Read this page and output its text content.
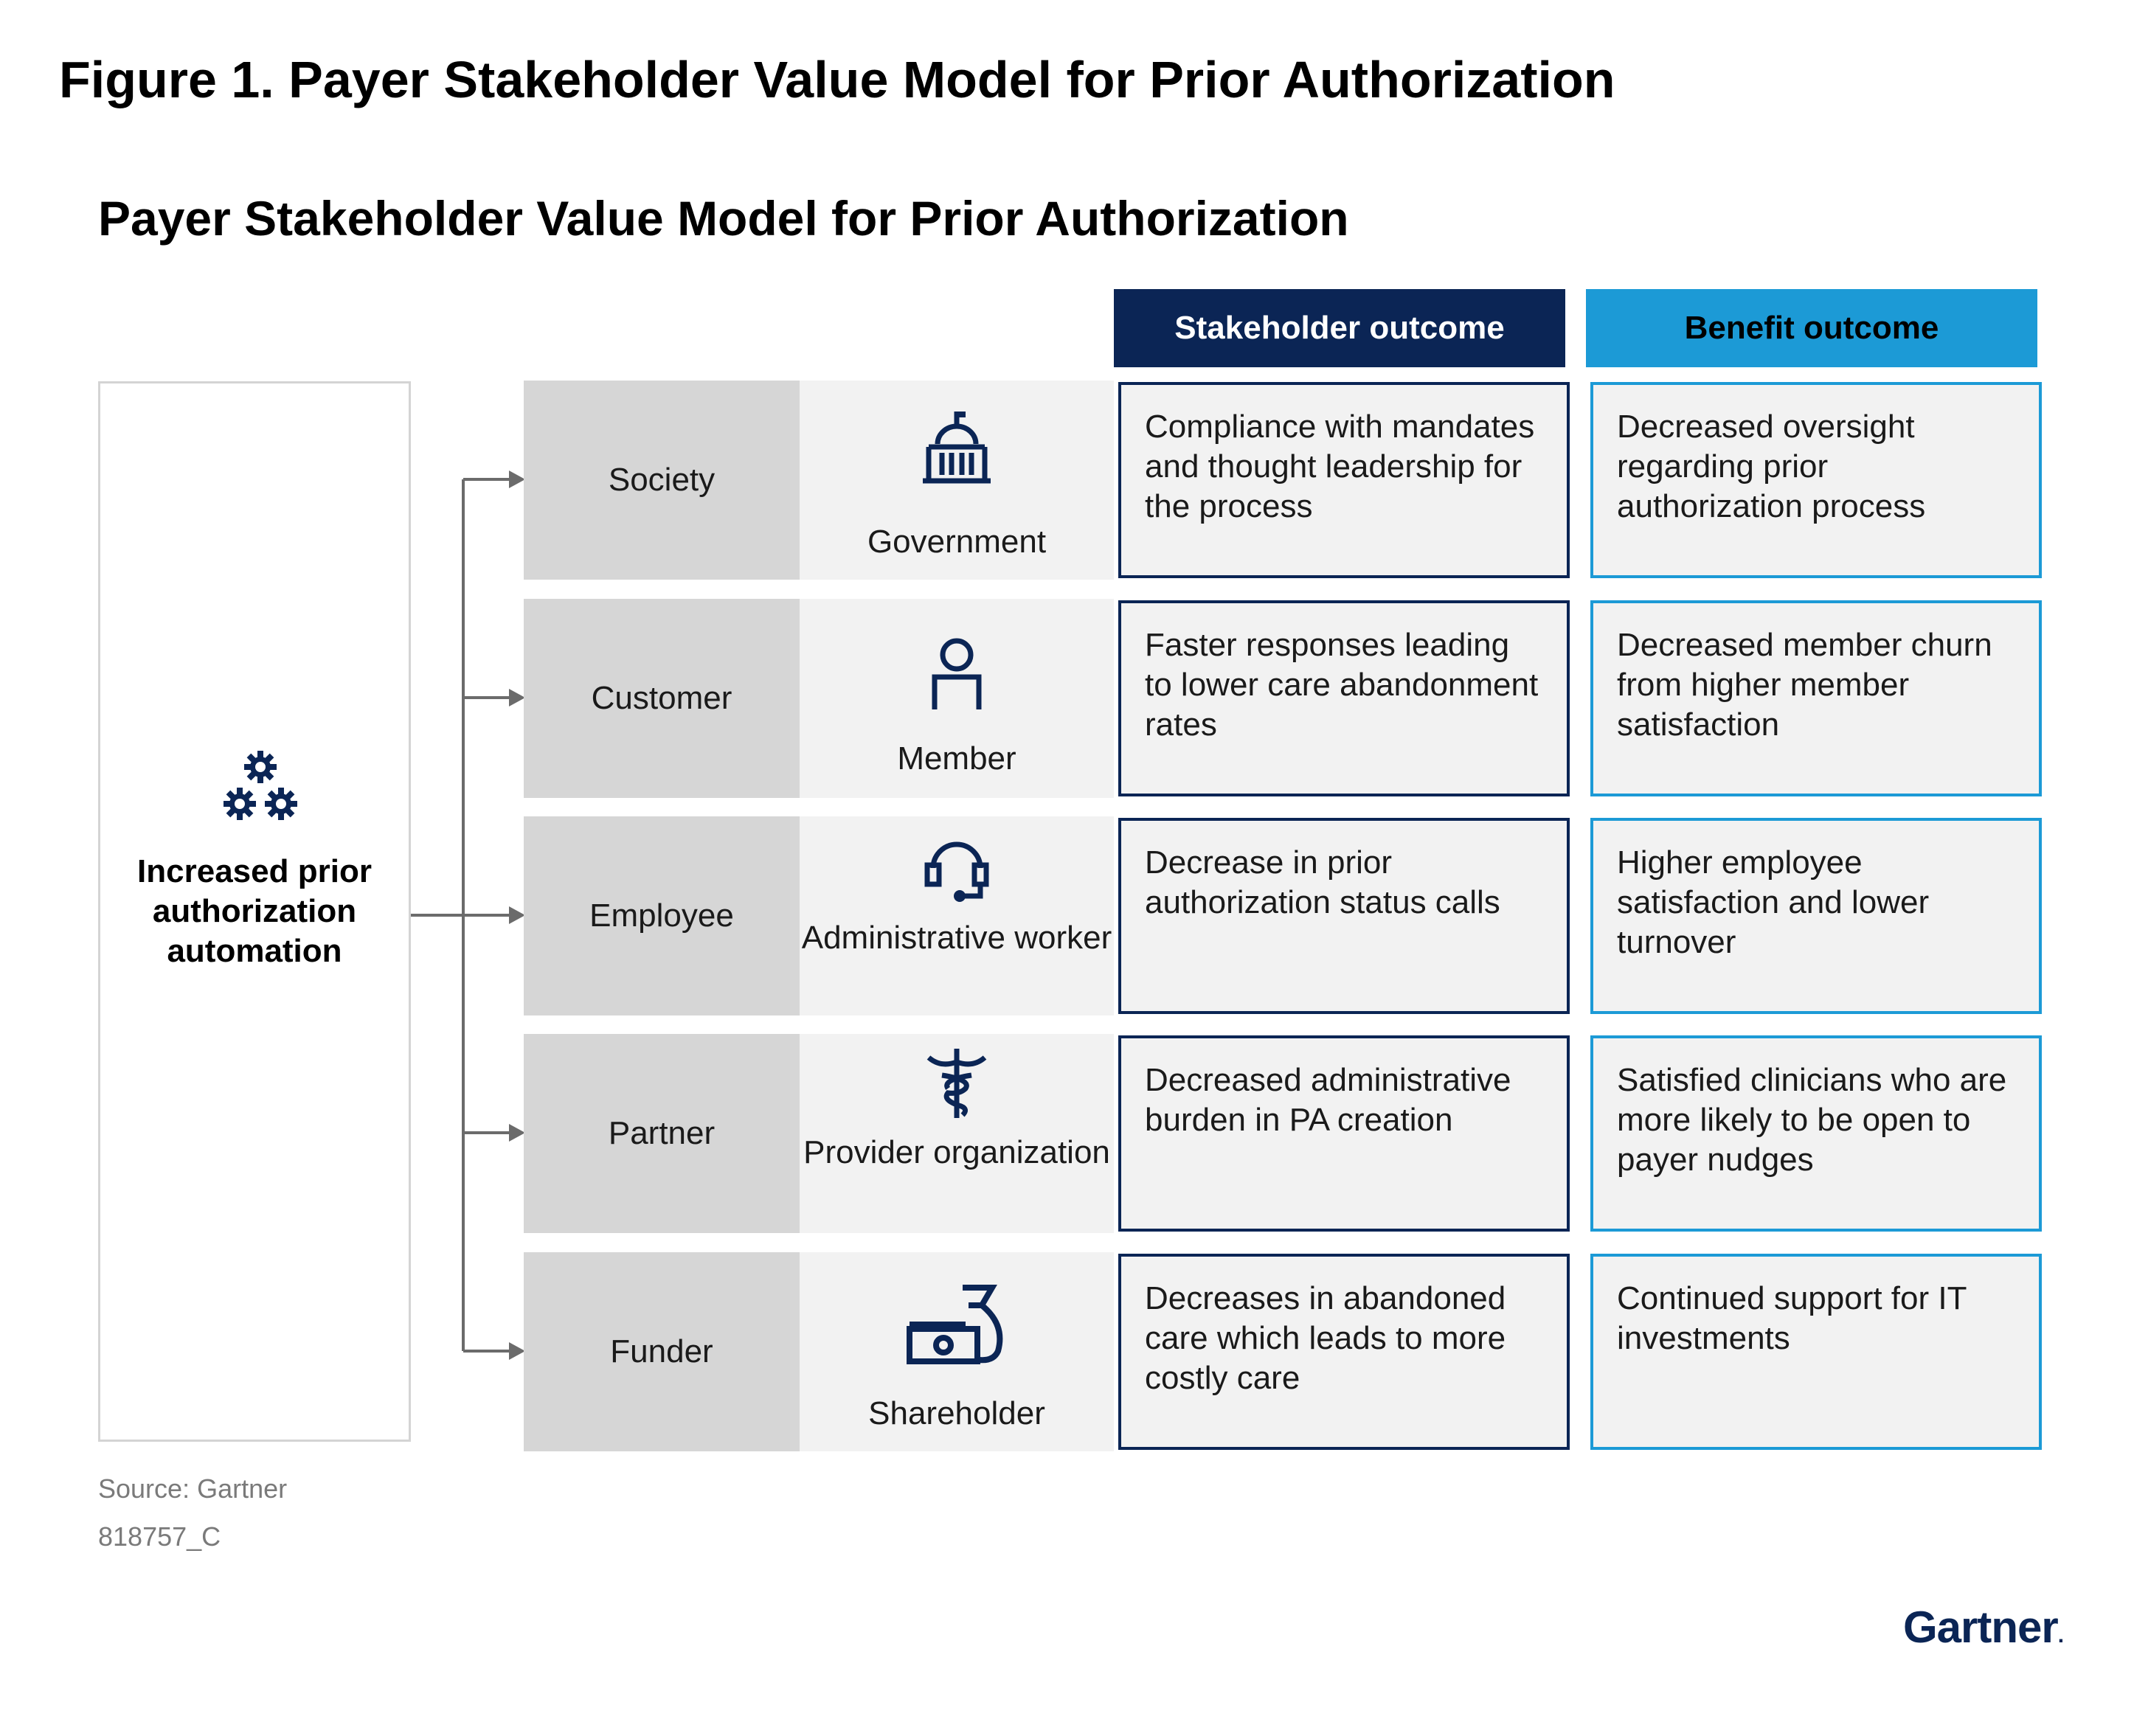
Figure 1. Payer Stakeholder Value Model for Prior Authorization
Payer Stakeholder Value Model for Prior Authorization
Stakeholder outcome	Benefit outcome
Increased prior authorization automation
Society
Government
Compliance with mandates and thought leadership for the process
Decreased oversight regarding prior authorization process
Customer
Member
Faster responses leading to lower care abandonment rates
Decreased member churn from higher member satisfaction
Employee
Administrative worker
Decrease in prior authorization status calls
Higher employee satisfaction and lower turnover
Partner
Provider organization
Decreased administrative burden in PA creation
Satisfied clinicians who are more likely to be open to payer nudges
Funder
Shareholder
Decreases in abandoned care which leads to more costly care
Continued support for IT investments
Source: Gartner
818757_C
Gartner.
